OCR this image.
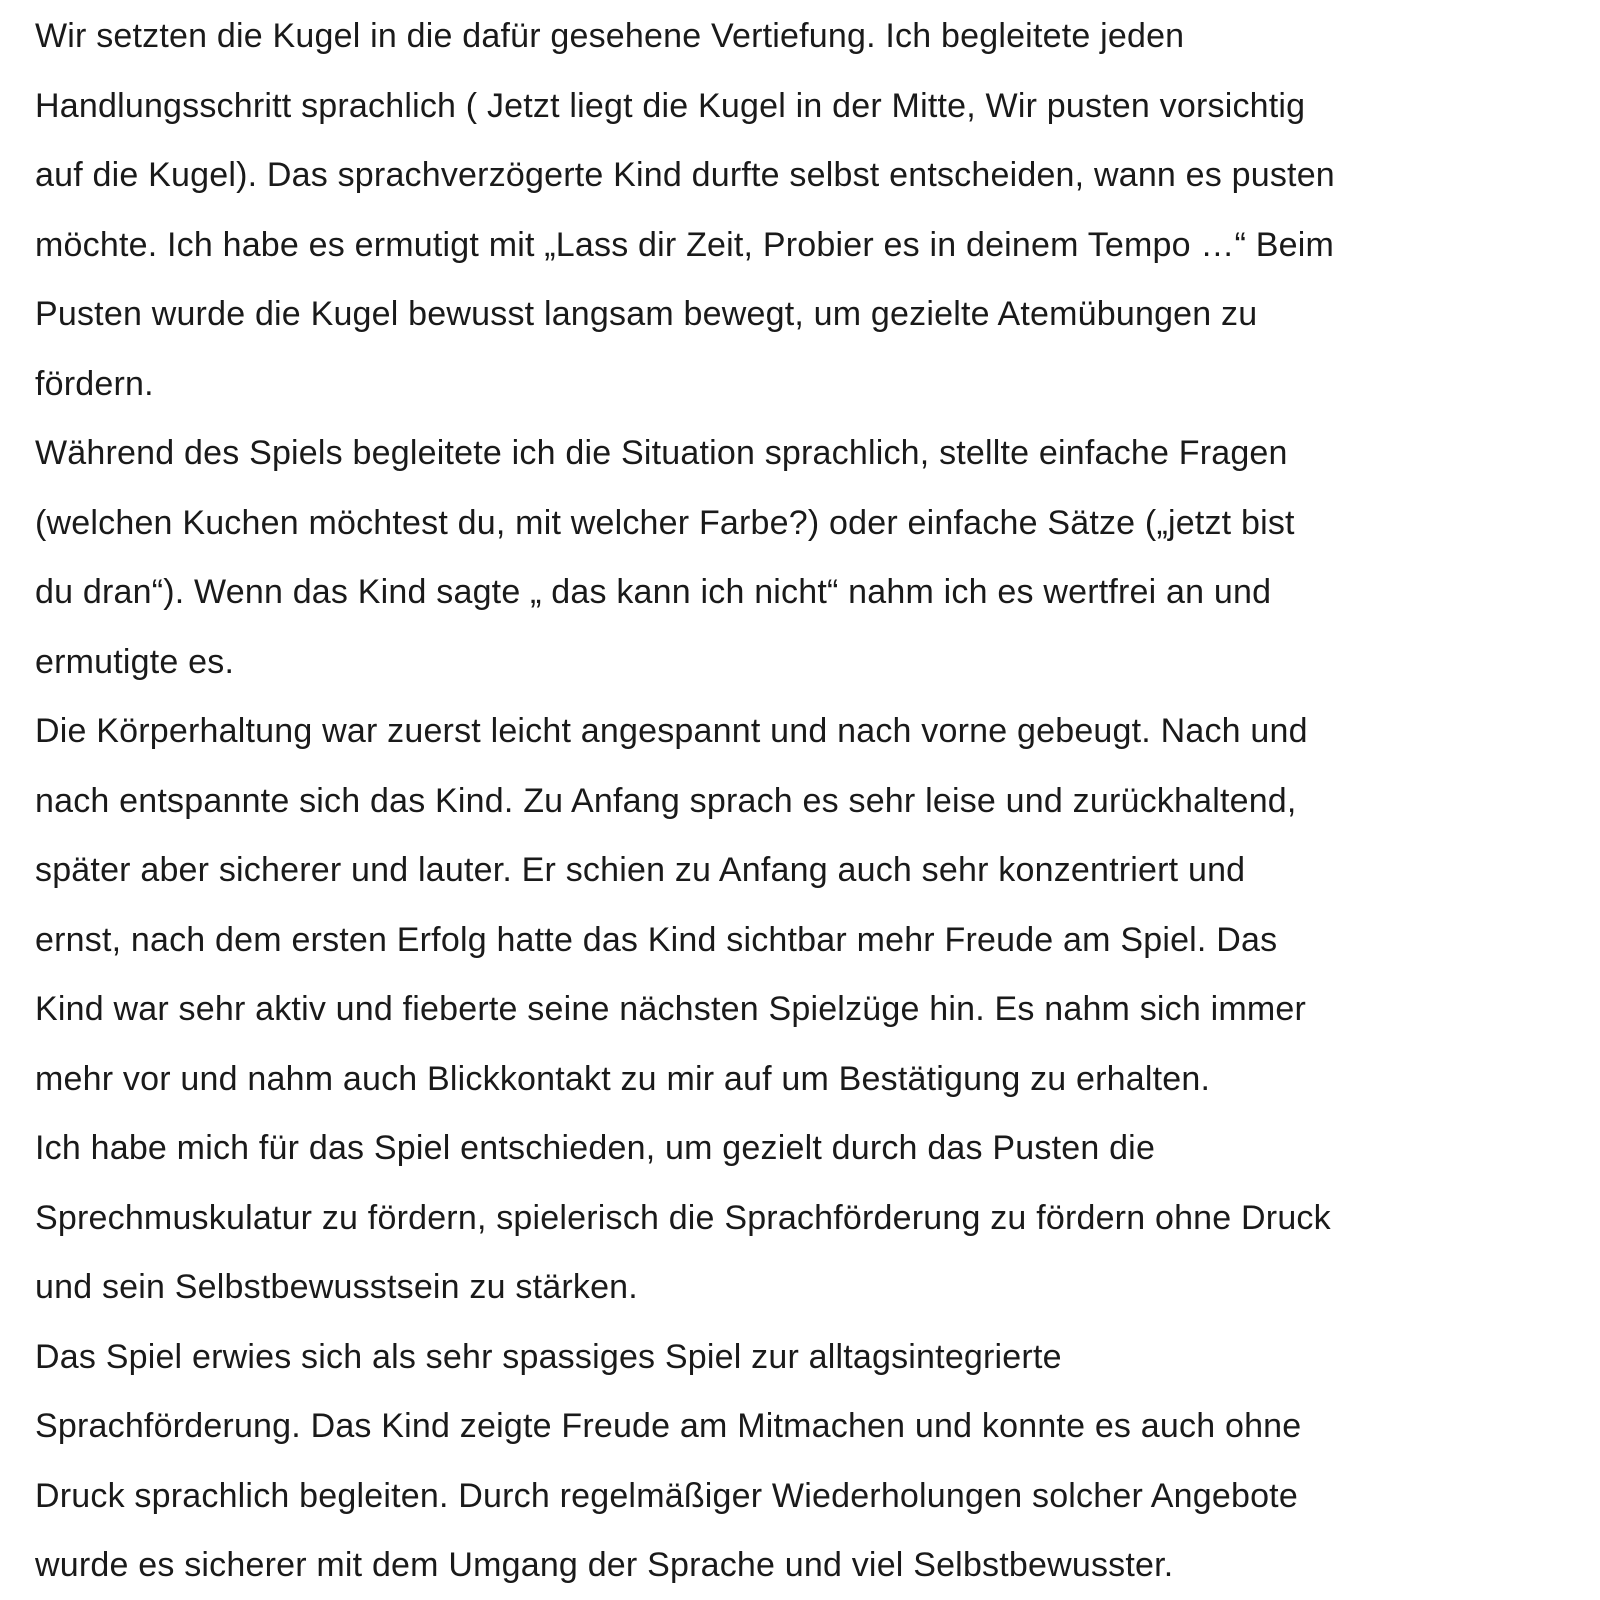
Wir setzten die Kugel in die dafür gesehene Vertiefung. Ich begleitete jeden
Handlungsschritt sprachlich ( Jetzt liegt die Kugel in der Mitte, Wir pusten vorsichtig
auf die Kugel). Das sprachverzögerte Kind durfte selbst entscheiden, wann es pusten
möchte. Ich habe es ermutigt mit „Lass dir Zeit, Probier es in deinem Tempo …“ Beim
Pusten wurde die Kugel bewusst langsam bewegt, um gezielte Atemübungen zu
fördern.
Während des Spiels begleitete ich die Situation sprachlich, stellte einfache Fragen
(welchen Kuchen möchtest du, mit welcher Farbe?) oder einfache Sätze („jetzt bist
du dran“). Wenn das Kind sagte „ das kann ich nicht“ nahm ich es wertfrei an und
ermutigte es.
Die Körperhaltung war zuerst leicht angespannt und nach vorne gebeugt. Nach und
nach entspannte sich das Kind. Zu Anfang sprach es sehr leise und zurückhaltend,
später aber sicherer und lauter. Er schien zu Anfang auch sehr konzentriert und
ernst, nach dem ersten Erfolg hatte das Kind sichtbar mehr Freude am Spiel. Das
Kind war sehr aktiv und fieberte seine nächsten Spielzüge hin. Es nahm sich immer
mehr vor und nahm auch Blickkontakt zu mir auf um Bestätigung zu erhalten.
Ich habe mich für das Spiel entschieden, um gezielt durch das Pusten die
Sprechmuskulatur zu fördern, spielerisch die Sprachförderung zu fördern ohne Druck
und sein Selbstbewusstsein zu stärken.
Das Spiel erwies sich als sehr spassiges Spiel zur alltagsintegrierte
Sprachförderung. Das Kind zeigte Freude am Mitmachen und konnte es auch ohne
Druck sprachlich begleiten. Durch regelmäßiger Wiederholungen solcher Angebote
wurde es sicherer mit dem Umgang der Sprache und viel Selbstbewusster.
